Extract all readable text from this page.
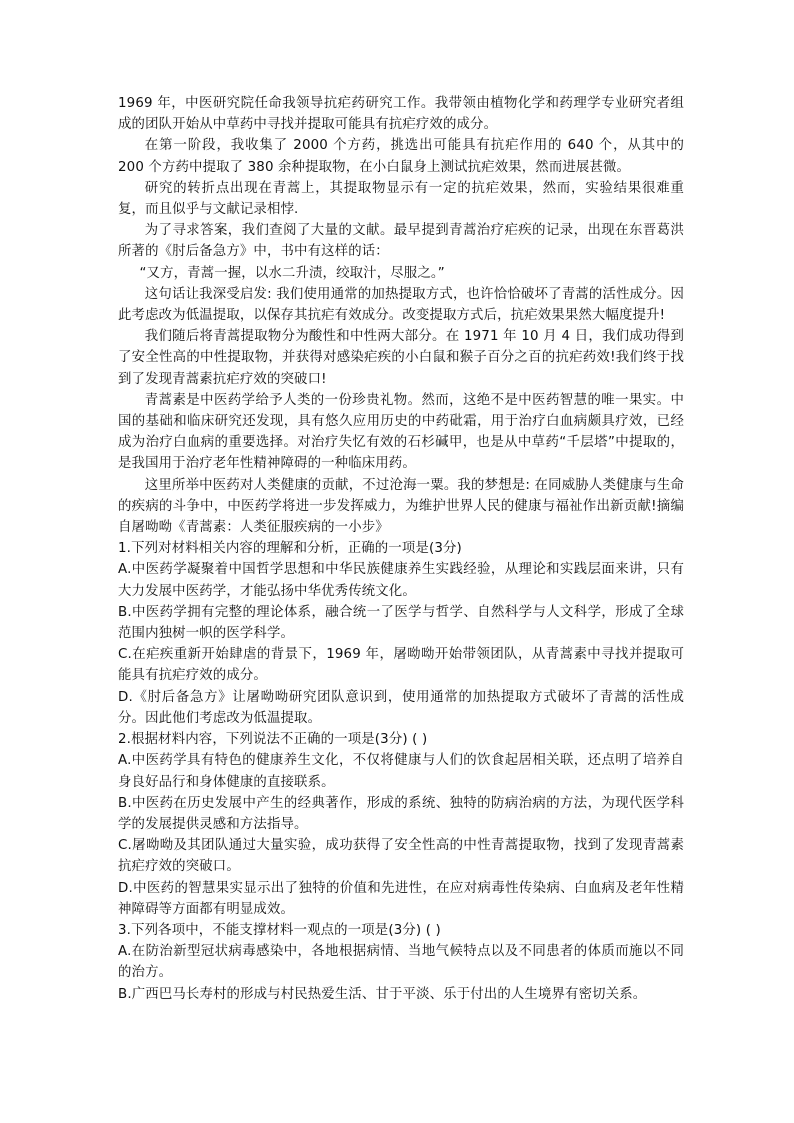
1969 年，中医研究院任命我领导抗疟药研究工作。我带领由植物化学和药理学专业研究者组成的团队开始从中草药中寻找并提取可能具有抗疟疗效的成分。

在第一阶段，我收集了 2000 个方药，挑选出可能具有抗疟作用的 640 个，从其中的 200 个方药中提取了 380 余种提取物，在小白鼠身上测试抗疟效果，然而进展甚微。

研究的转折点出现在青蒿上，其提取物显示有一定的抗疟效果，然而，实验结果很难重复，而且似乎与文献记录相悖.

为了寻求答案，我们查阅了大量的文献。最早提到青蒿治疗疟疾的记录，出现在东晋葛洪所著的《肘后备急方》中，书中有这样的话：

“又方，青蒿一握，以水二升渍，绞取汁，尽服之。”

这句话让我深受启发: 我们使用通常的加热提取方式，也许恰恰破坏了青蒿的活性成分。因此考虑改为低温提取，以保存其抗疟有效成分。改变提取方式后，抗疟效果果然大幅度提升!

我们随后将青蒿提取物分为酸性和中性两大部分。在 1971 年 10 月 4 日，我们成功得到了安全性高的中性提取物，并获得对感染疟疾的小白鼠和猴子百分之百的抗疟药效!我们终于找到了发现青蒿素抗疟疗效的突破口!

青蒿素是中医药学给予人类的一份珍贵礼物。然而，这绝不是中医药智慧的唯一果实。中国的基础和临床研究还发现，具有悠久应用历史的中药砒霜，用于治疗白血病颇具疗效，已经成为治疗白血病的重要选择。对治疗失忆有效的石杉碱甲，也是从中草药“千层塔”中提取的，是我国用于治疗老年性精神障碍的一种临床用药。

这里所举中医药对人类健康的贡献，不过沧海一粟。我的梦想是: 在同威胁人类健康与生命的疾病的斗争中，中医药学将进一步发挥威力，为维护世界人民的健康与福祉作出新贡献!摘编自屠呦呦《青蒿素：人类征服疾病的一小步》

1.下列对材料相关内容的理解和分析，正确的一项是(3分)

A.中医药学凝聚着中国哲学思想和中华民族健康养生实践经验，从理论和实践层面来讲，只有大力发展中医药学，才能弘扬中华优秀传统文化。

B.中医药学拥有完整的理论体系，融合统一了医学与哲学、自然科学与人文科学，形成了全球范围内独树一帜的医学科学。

C.在疟疾重新开始肆虐的背景下，1969 年，屠呦呦开始带领团队，从青蒿素中寻找并提取可能具有抗疟疗效的成分。

D.《肘后备急方》让屠呦呦研究团队意识到，使用通常的加热提取方式破坏了青蒿的活性成分。因此他们考虑改为低温提取。

2.根据材料内容，下列说法不正确的一项是(3分) ( )

A.中医药学具有特色的健康养生文化，不仅将健康与人们的饮食起居相关联，还点明了培养自身良好品行和身体健康的直接联系。

B.中医药在历史发展中产生的经典著作，形成的系统、独特的防病治病的方法，为现代医学科学的发展提供灵感和方法指导。

C.屠呦呦及其团队通过大量实验，成功获得了安全性高的中性青蒿提取物，找到了发现青蒿素抗疟疗效的突破口。

D.中医药的智慧果实显示出了独特的价值和先进性，在应对病毒性传染病、白血病及老年性精神障碍等方面都有明显成效。

3.下列各项中，不能支撑材料一观点的一项是(3分) ( )

A.在防治新型冠状病毒感染中，各地根据病情、当地气候特点以及不同患者的体质而施以不同的治方。

B.广西巴马长寿村的形成与村民热爱生活、甘于平淡、乐于付出的人生境界有密切关系。
